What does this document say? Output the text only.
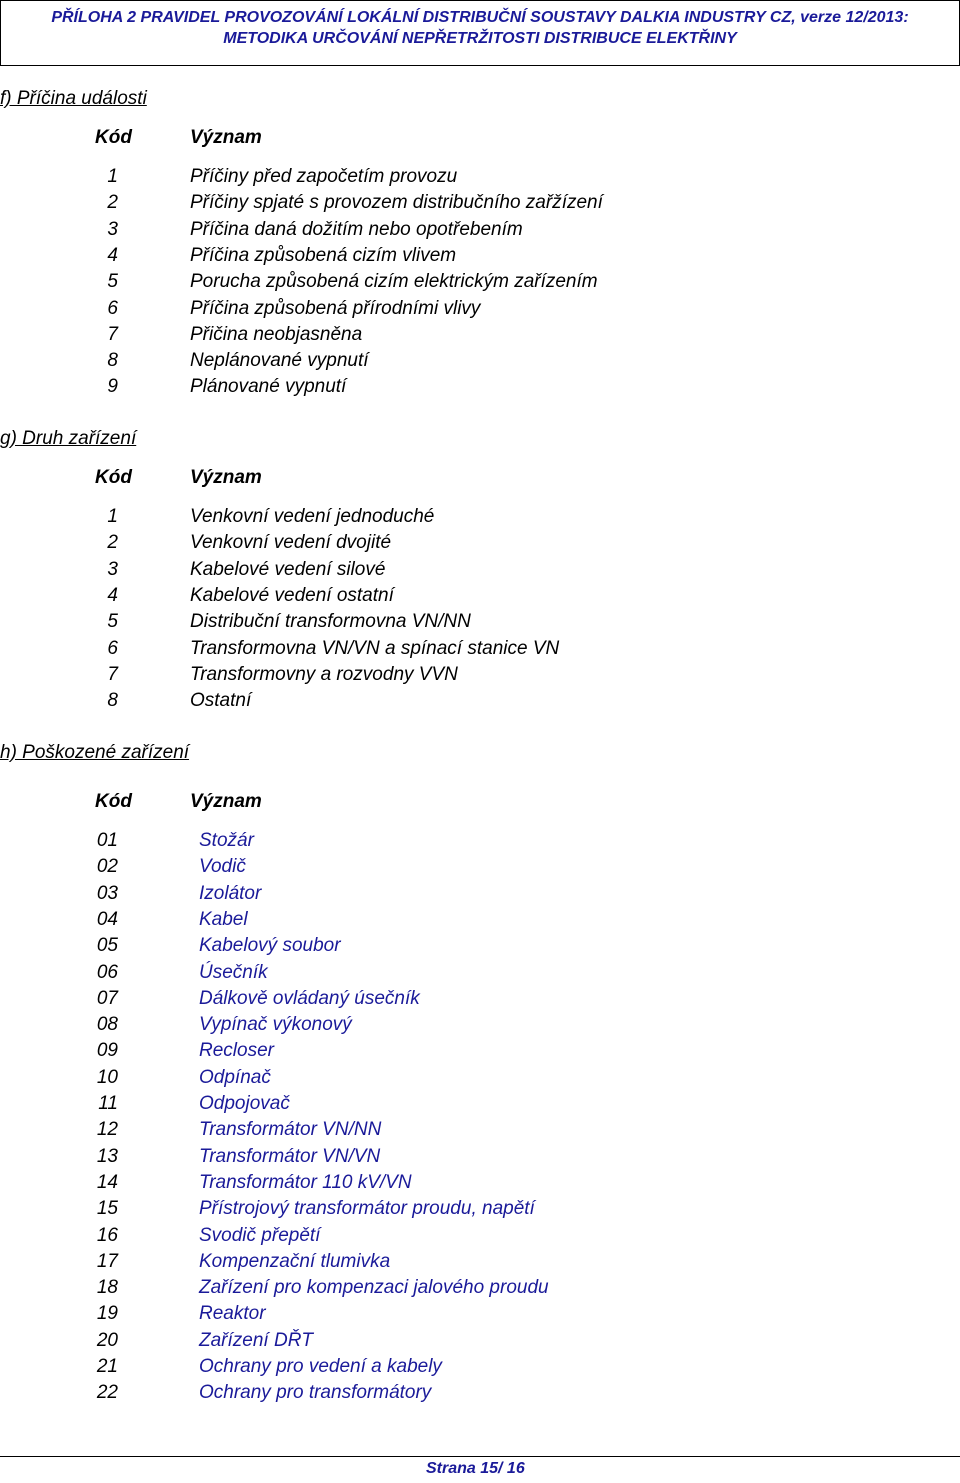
PŘÍLOHA 2 PRAVIDEL PROVOZOVÁNÍ LOKÁLNÍ DISTRIBUČNÍ SOUSTAVY DALKIA INDUSTRY CZ, verze 12/2013:
METODIKA URČOVÁNÍ NEPŘETRŽITOSTI DISTRIBUCE ELEKTŘINY
f) Příčina události
Kód	Význam
1	Příčiny před započetím provozu
2	Příčiny spjaté s provozem distribučního zařžízení
3	Příčina daná dožitím nebo opotřebením
4	Příčina způsobená cizím vlivem
5	Porucha způsobená cizím elektrickým zařízením
6	Příčina způsobená přírodními vlivy
7	Přičina neobjasněna
8	Neplánované vypnutí
9	Plánované vypnutí
g) Druh zařízení
Kód	Význam
1	Venkovní vedení jednoduché
2	Venkovní vedení dvojité
3	Kabelové vedení silové
4	Kabelové vedení ostatní
5	Distribuční transformovna VN/NN
6	Transformovna VN/VN a spínací stanice VN
7	Transformovny a rozvodny VVN
8	Ostatní
h) Poškozené zařízení
Kód	Význam
01	Stožár
02	Vodič
03	Izolátor
04	Kabel
05	Kabelový soubor
06	Úsečník
07	Dálkově ovládaný úsečník
08	Vypínač výkonový
09	Recloser
10	Odpínač
11	Odpojovač
12	Transformátor VN/NN
13	Transformátor VN/VN
14	Transformátor 110 kV/VN
15	Přístrojový transformátor proudu, napětí
16	Svodič přepětí
17	Kompenzační tlumivka
18	Zařízení pro kompenzaci jalového proudu
19	Reaktor
20	Zařízení DŘT
21	Ochrany pro vedení a kabely
22	Ochrany pro transformátory
Strana 15/ 16
